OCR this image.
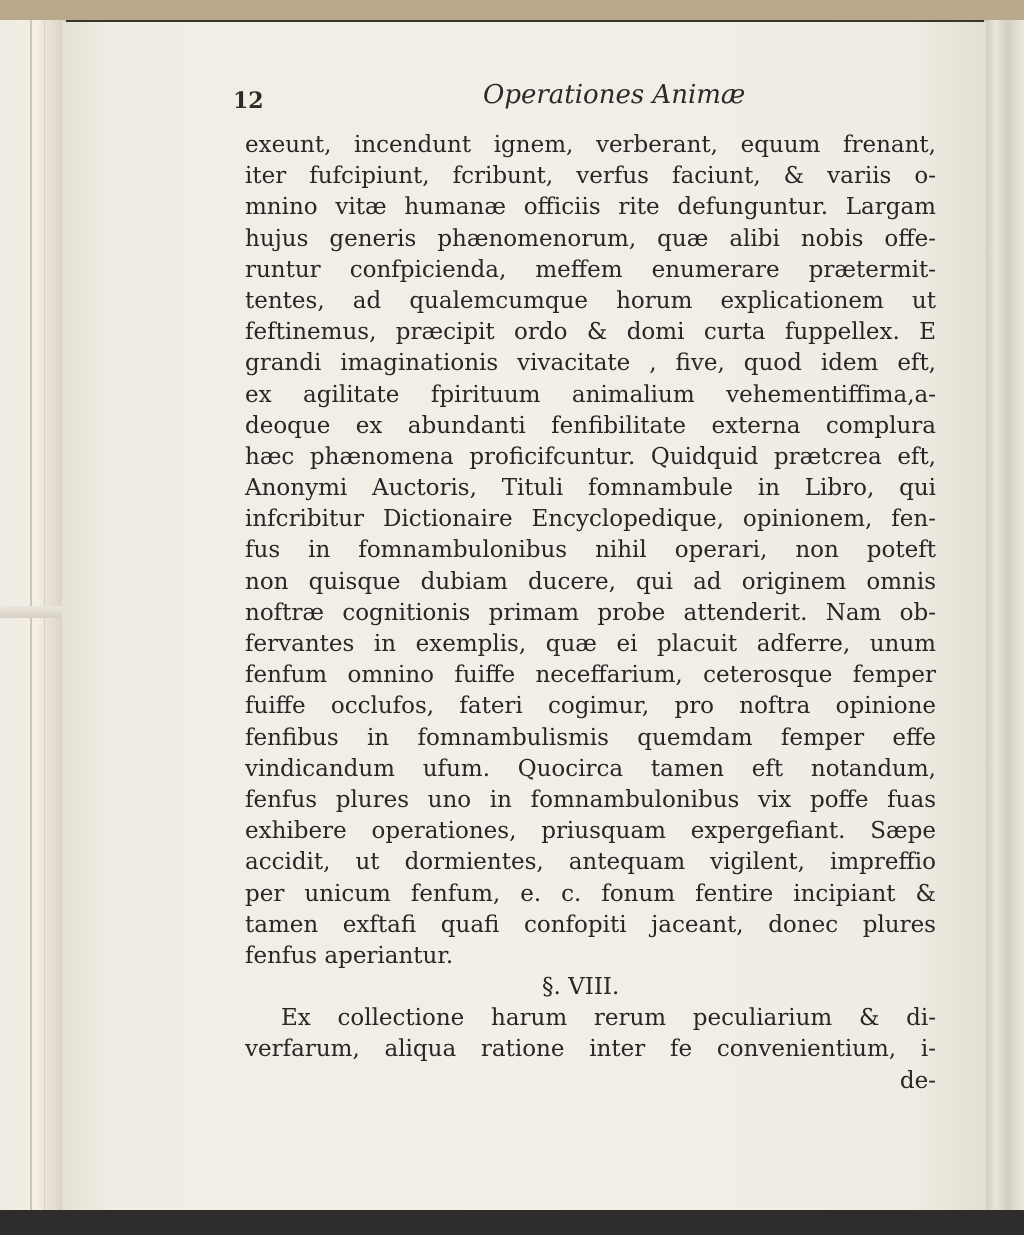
12	Operationes Animæ
exeunt, incendunt ignem, verberant, equum frenant,
iter fufcipiunt, fcribunt, verfus faciunt, & variis o-
mnino vitæ humanæ officiis rite defunguntur. Largam
hujus generis phænomenorum, quæ alibi nobis offe-
runtur confpicienda, meffem enumerare prætermit-
tentes, ad qualemcumque horum explicationem ut
feftinemus, præcipit ordo & domi curta fuppellex. E
grandi imaginationis vivacitate , five, quod idem eft,
ex agilitate fpirituum animalium vehementiffima,a-
deoque ex abundanti fenfibilitate externa complura
hæc phænomena proficifcuntur. Quidquid prætcrea eft,
Anonymi Auctoris, Tituli fomnambule in Libro, qui
infcribitur Dictionaire Encyclopedique, opinionem, fen-
fus in fomnambulonibus nihil operari, non poteft
non quisque dubiam ducere, qui ad originem omnis
noftræ cognitionis primam probe attenderit. Nam ob-
fervantes in exemplis, quæ ei placuit adferre, unum
fenfum omnino fuiffe neceffarium, ceterosque femper
fuiffe occlufos, fateri cogimur, pro noftra opinione
fenfibus in fomnambulismis quemdam femper effe
vindicandum ufum. Quocirca tamen eft notandum,
fenfus plures uno in fomnambulonibus vix poffe fuas
exhibere operationes, priusquam expergefiant. Sæpe
accidit, ut dormientes, antequam vigilent, impreffio
per unicum fenfum, e. c. fonum fentire incipiant &
tamen exftafi quafi confopiti jaceant, donec plures
fenfus aperiantur.
§. VIII.
Ex collectione harum rerum peculiarium & di-
verfarum, aliqua ratione inter fe convenientium, i-
de-
